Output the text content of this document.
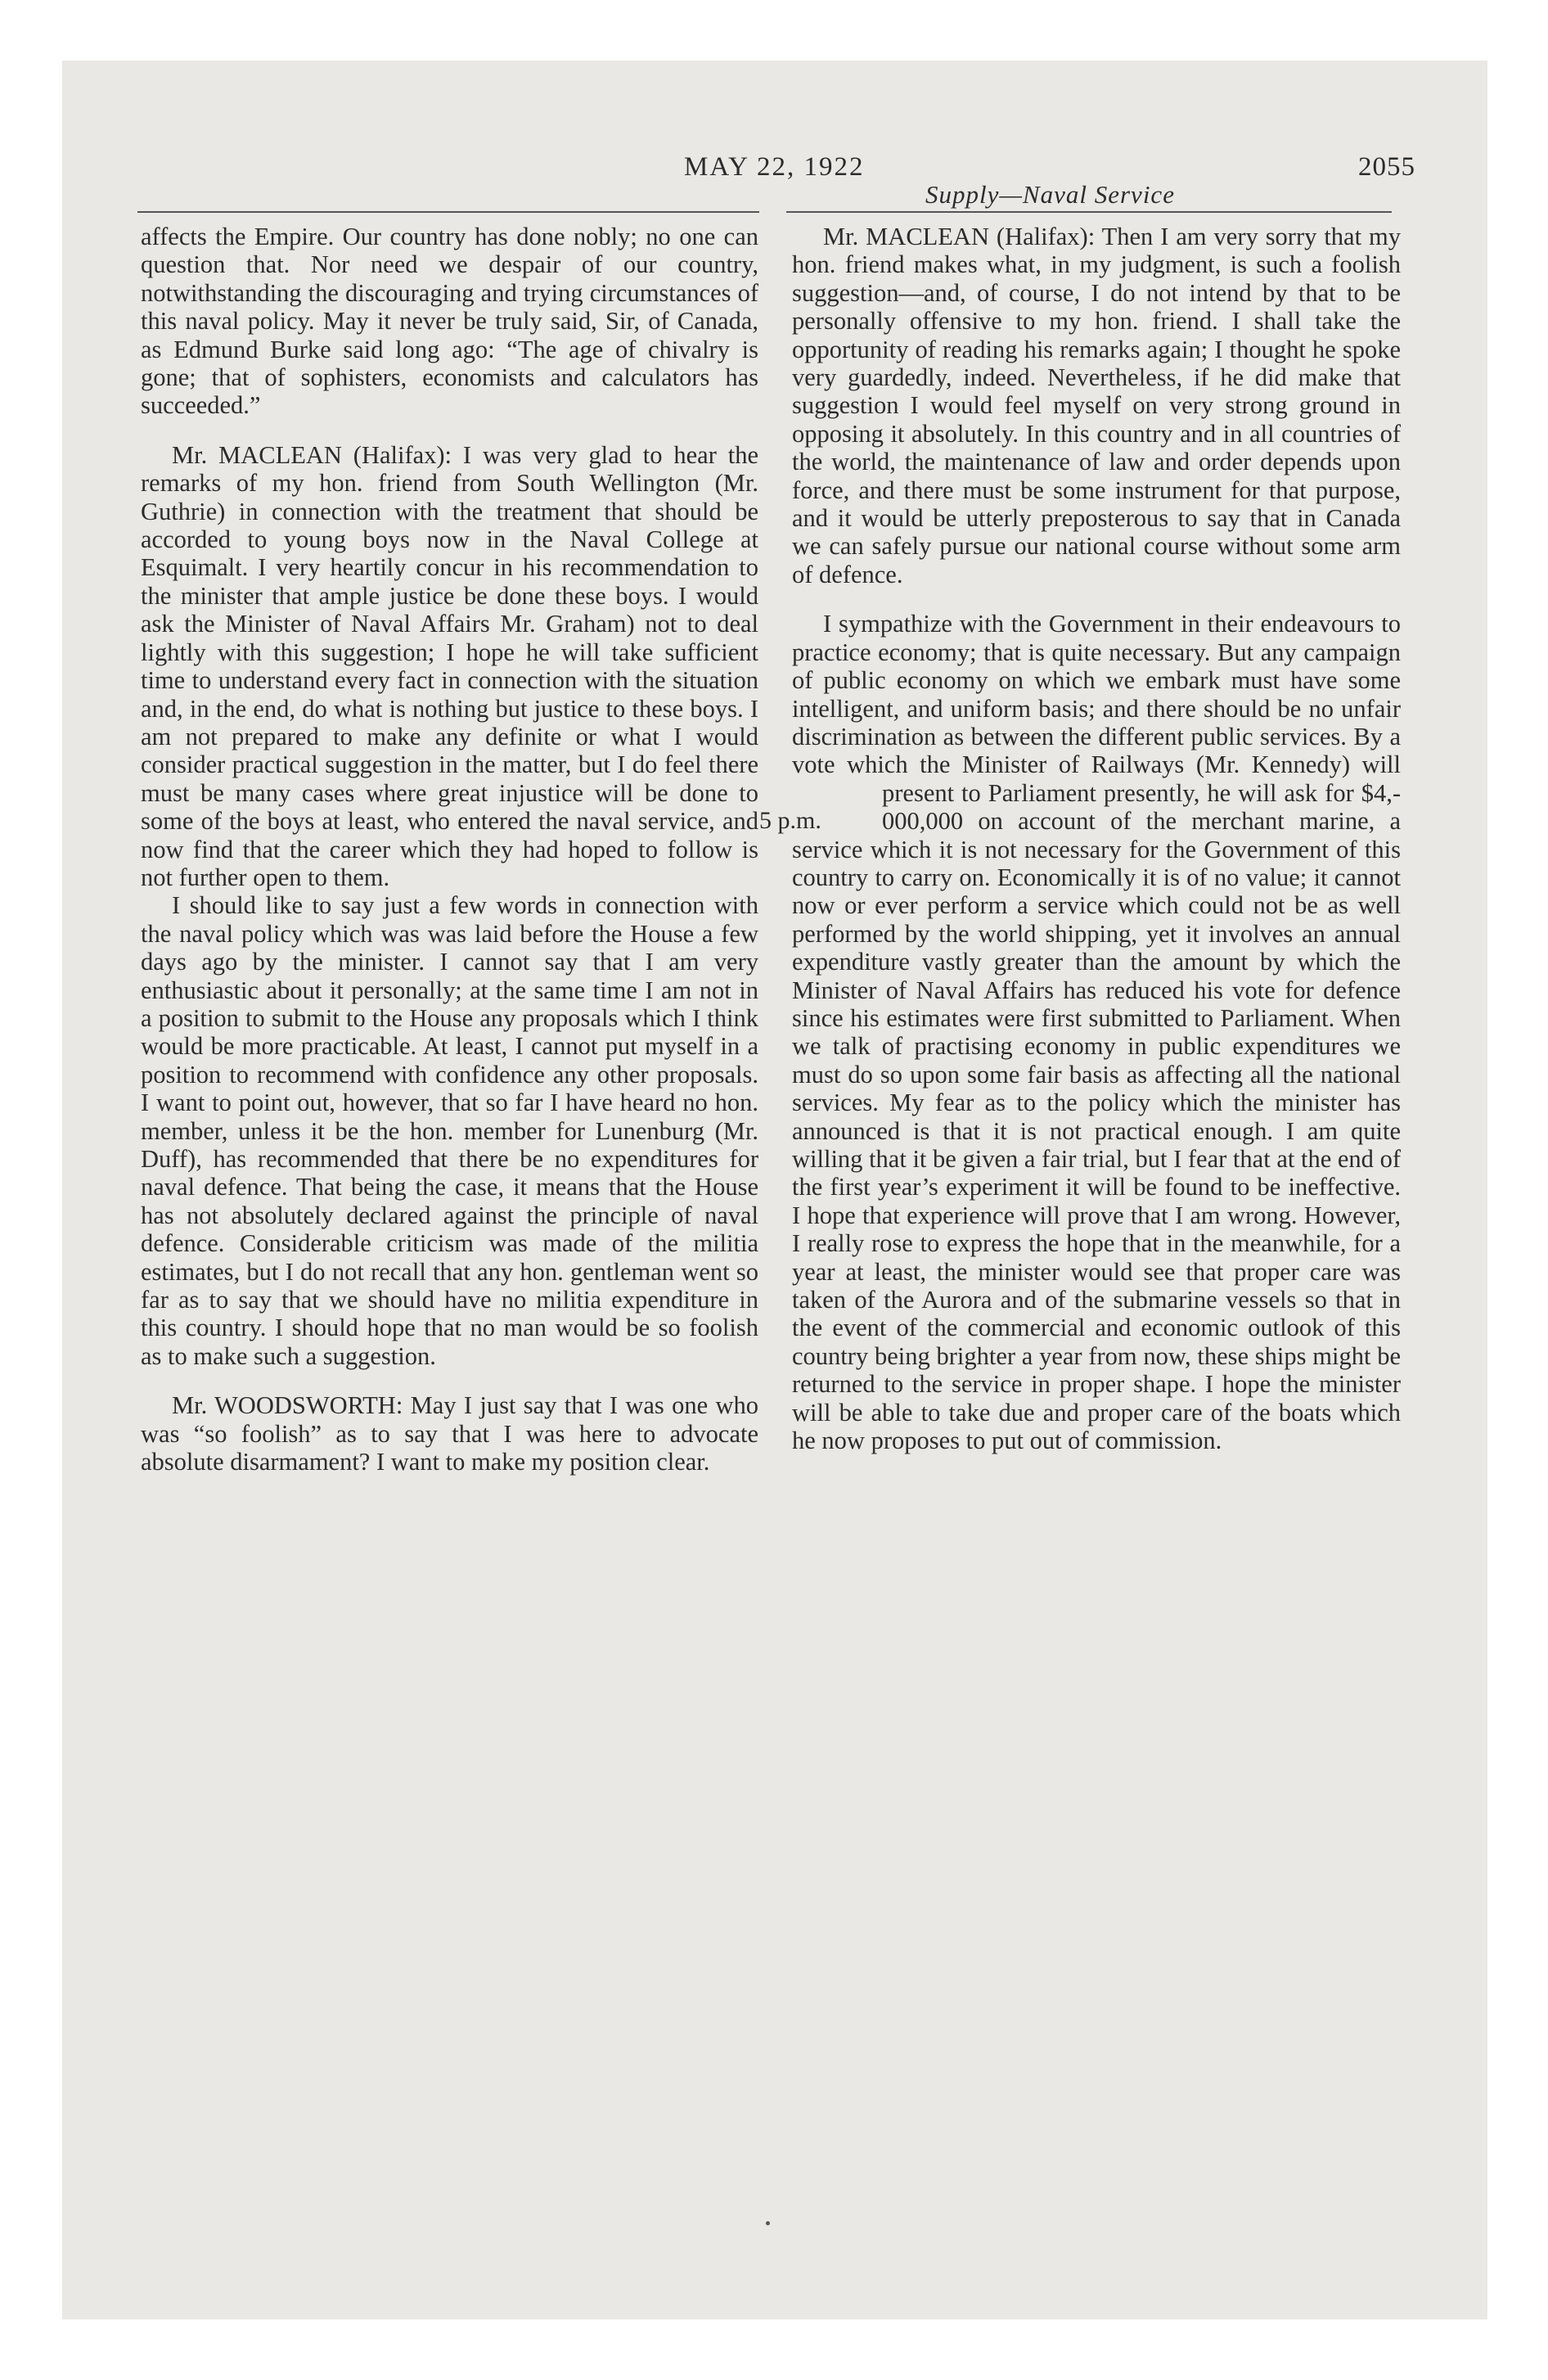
MAY 22, 1922	2055
Supply—Naval Service

affects the Empire. Our country has done nobly; no one can question that. Nor need we despair of our country, notwithstanding the discouraging and trying circumstances of this naval policy. May it never be truly said, Sir, of Canada, as Edmund Burke said long ago: “The age of chivalry is gone; that of sophisters, economists and calculators has succeeded.”

Mr. MACLEAN (Halifax): I was very glad to hear the remarks of my hon. friend from South Wellington (Mr. Guthrie) in connection with the treatment that should be accorded to young boys now in the Naval College at Esquimalt. I very heartily concur in his recommendation to the minister that ample justice be done these boys. I would ask the Minister of Naval Affairs Mr. Graham) not to deal lightly with this suggestion; I hope he will take sufficient time to understand every fact in connection with the situation and, in the end, do what is nothing but justice to these boys. I am not prepared to make any definite or what I would consider practical suggestion in the matter, but I do feel there must be many cases where great injustice will be done to some of the boys at least, who entered the naval service, and now find that the career which they had hoped to follow is not further open to them.

I should like to say just a few words in connection with the naval policy which was was laid before the House a few days ago by the minister. I cannot say that I am very enthusiastic about it personally; at the same time I am not in a position to submit to the House any proposals which I think would be more practicable. At least, I cannot put myself in a position to recommend with confidence any other proposals. I want to point out, however, that so far I have heard no hon. member, unless it be the hon. member for Lunenburg (Mr. Duff), has recommended that there be no expenditures for naval defence. That being the case, it means that the House has not absolutely declared against the principle of naval defence. Considerable criticism was made of the militia estimates, but I do not recall that any hon. gentleman went so far as to say that we should have no militia expenditure in this country. I should hope that no man would be so foolish as to make such a suggestion.

Mr. WOODSWORTH: May I just say that I was one who was “so foolish” as to say that I was here to advocate absolute disarmament? I want to make my position clear.

Mr. MACLEAN (Halifax): Then I am very sorry that my hon. friend makes what, in my judgment, is such a foolish suggestion—and, of course, I do not intend by that to be personally offensive to my hon. friend. I shall take the opportunity of reading his remarks again; I thought he spoke very guardedly, indeed. Nevertheless, if he did make that suggestion I would feel myself on very strong ground in opposing it absolutely. In this country and in all countries of the world, the maintenance of law and order depends upon force, and there must be some instrument for that purpose, and it would be utterly preposterous to say that in Canada we can safely pursue our national course without some arm of defence.

I sympathize with the Government in their endeavours to practice economy; that is quite necessary. But any campaign of public economy on which we embark must have some intelligent, and uniform basis; and there should be no unfair discrimination as between the different public services. By a vote which the Minister of Railways (Mr. Kennedy) will present to Parliament presently, he will ask for $4,-
5 p.m.	000,000 on account of the merchant marine, a service which it is not necessary for the Government of this country to carry on. Economically it is of no value; it cannot now or ever perform a service which could not be as well performed by the world shipping, yet it involves an annual expenditure vastly greater than the amount by which the Minister of Naval Affairs has reduced his vote for defence since his estimates were first submitted to Parliament. When we talk of practising economy in public expenditures we must do so upon some fair basis as affecting all the national services. My fear as to the policy which the minister has announced is that it is not practical enough. I am quite willing that it be given a fair trial, but I fear that at the end of the first year’s experiment it will be found to be ineffective. I hope that experience will prove that I am wrong. However, I really rose to express the hope that in the meanwhile, for a year at least, the minister would see that proper care was taken of the Aurora and of the submarine vessels so that in the event of the commercial and economic outlook of this country being brighter a year from now, these ships might be returned to the service in proper shape. I hope the minister will be able to take due and proper care of the boats which he now proposes to put out of commission.
